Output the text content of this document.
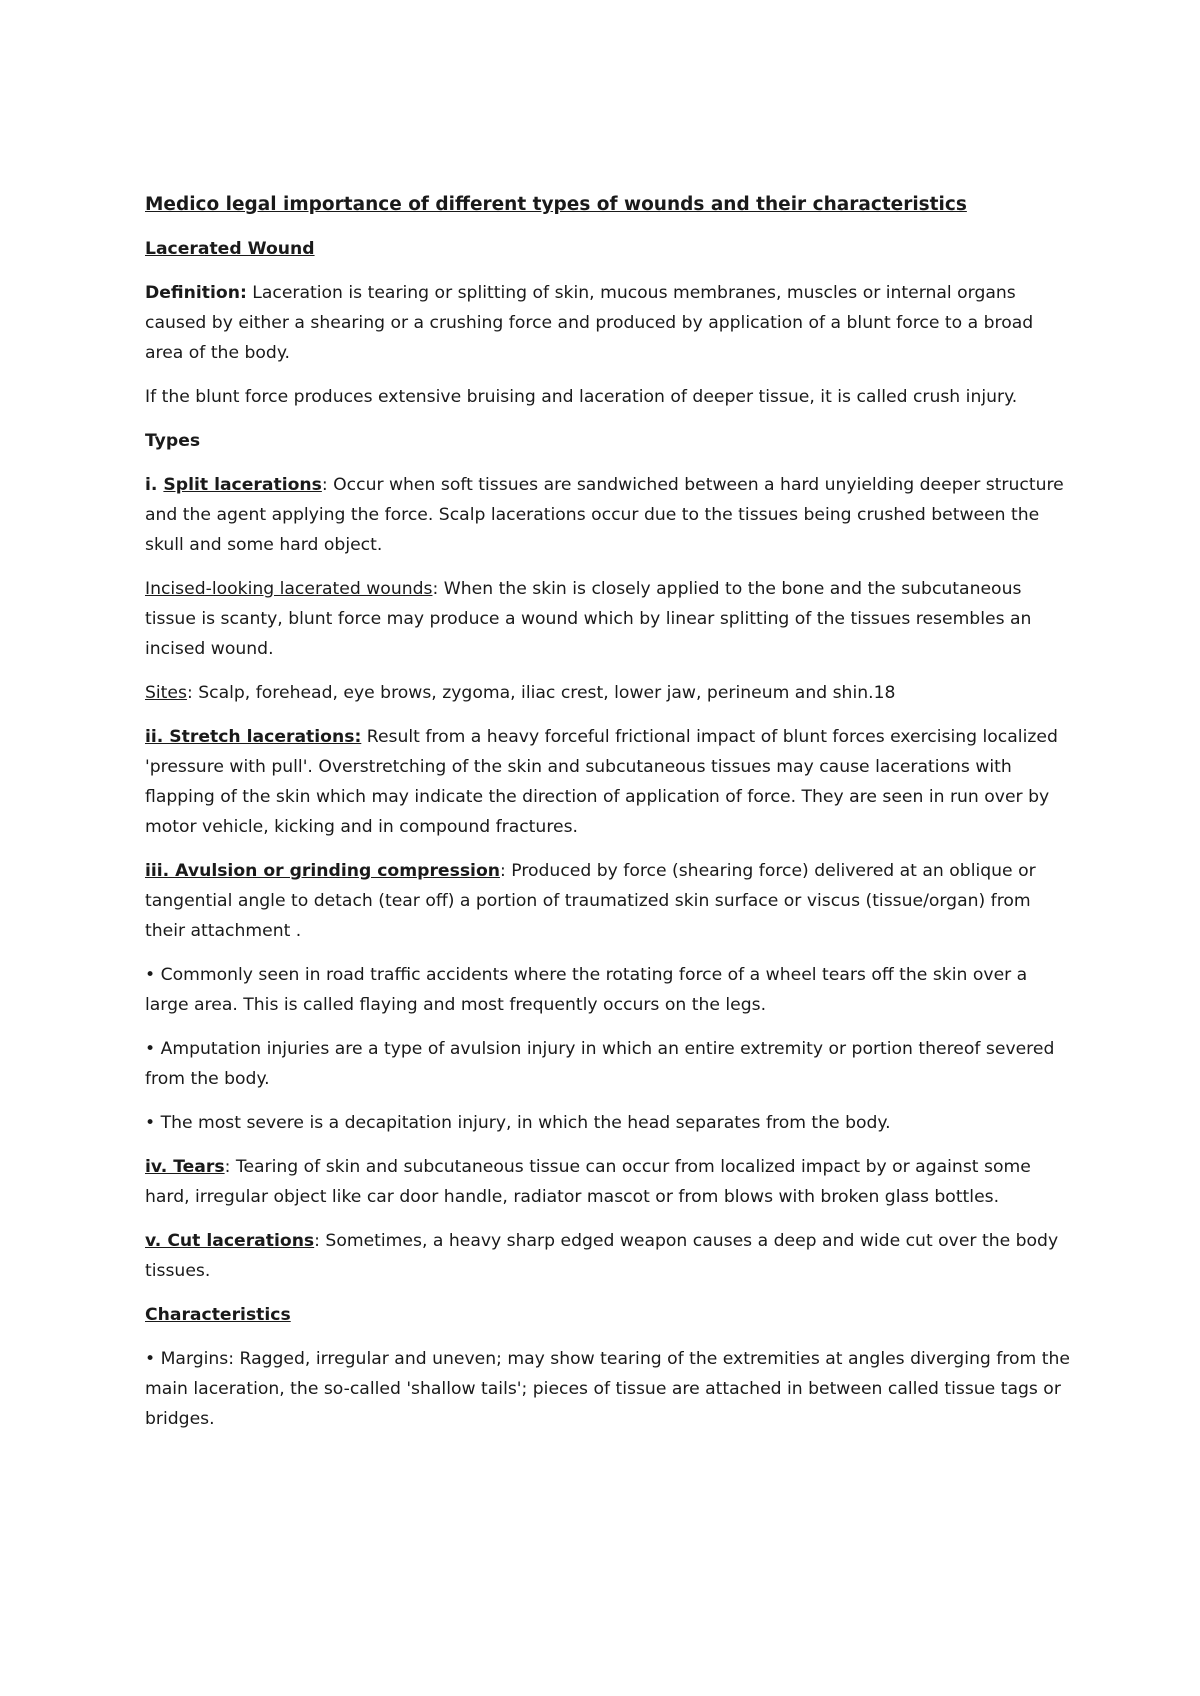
Medico legal importance of different types of wounds and their characteristics

Lacerated Wound

Definition: Laceration is tearing or splitting of skin, mucous membranes, muscles or internal organs caused by either a shearing or a crushing force and produced by application of a blunt force to a broad area of the body.

If the blunt force produces extensive bruising and laceration of deeper tissue, it is called crush injury.

Types

i. Split lacerations: Occur when soft tissues are sandwiched between a hard unyielding deeper structure and the agent applying the force. Scalp lacerations occur due to the tissues being crushed between the skull and some hard object.

Incised-looking lacerated wounds: When the skin is closely applied to the bone and the subcutaneous tissue is scanty, blunt force may produce a wound which by linear splitting of the tissues resembles an incised wound.

Sites: Scalp, forehead, eye brows, zygoma, iliac crest, lower jaw, perineum and shin.18

ii. Stretch lacerations: Result from a heavy forceful frictional impact of blunt forces exercising localized 'pressure with pull'. Overstretching of the skin and subcutaneous tissues may cause lacerations with flapping of the skin which may indicate the direction of application of force. They are seen in run over by motor vehicle, kicking and in compound fractures.

iii. Avulsion or grinding compression: Produced by force (shearing force) delivered at an oblique or tangential angle to detach (tear off) a portion of traumatized skin surface or viscus (tissue/organ) from their attachment .

• Commonly seen in road traffic accidents where the rotating force of a wheel tears off the skin over a large area. This is called flaying and most frequently occurs on the legs.

• Amputation injuries are a type of avulsion injury in which an entire extremity or portion thereof severed from the body.

• The most severe is a decapitation injury, in which the head separates from the body.

iv. Tears: Tearing of skin and subcutaneous tissue can occur from localized impact by or against some hard, irregular object like car door handle, radiator mascot or from blows with broken glass bottles.

v. Cut lacerations: Sometimes, a heavy sharp edged weapon causes a deep and wide cut over the body tissues.

Characteristics

• Margins: Ragged, irregular and uneven; may show tearing of the extremities at angles diverging from the main laceration, the so-called 'shallow tails'; pieces of tissue are attached in between called tissue tags or bridges.
